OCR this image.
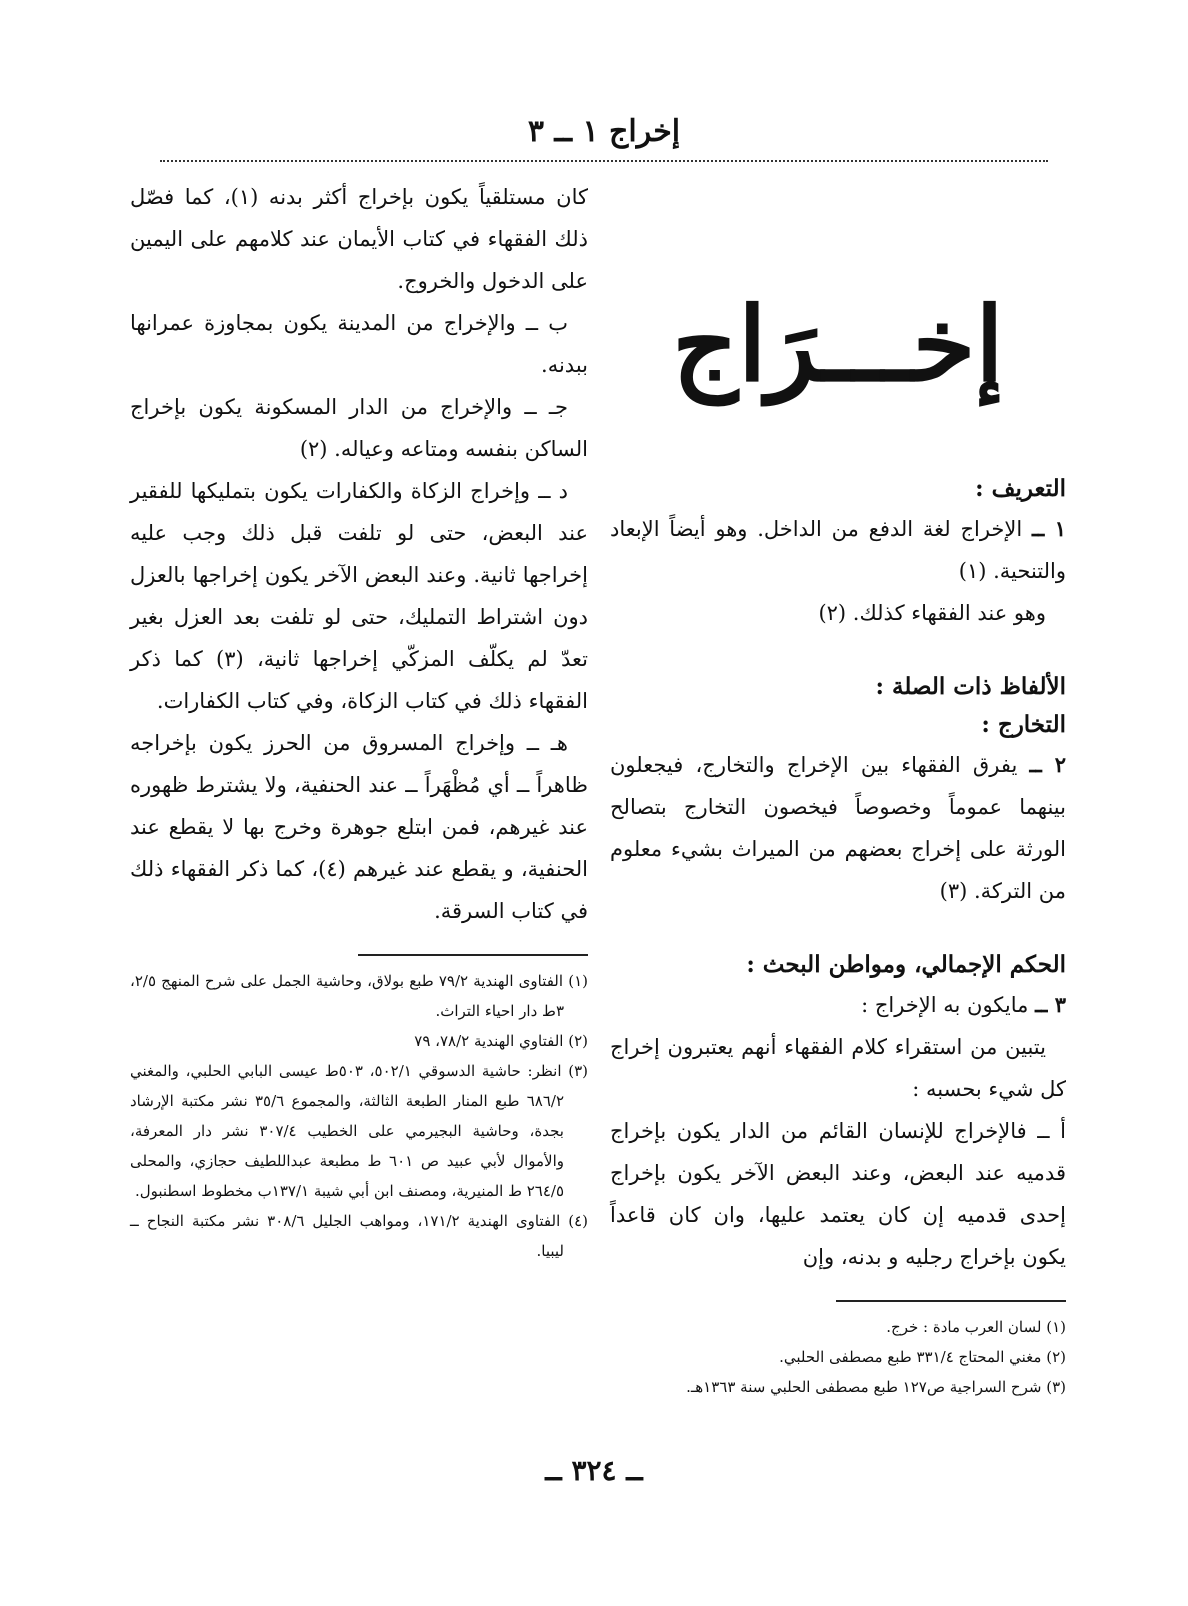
إخراج ١ ــ ٣
إخـــرَاج
التعريف :

١ ــ الإخراج لغة الدفع من الداخل. وهو أيضاً الإبعاد والتنحية. (١)

وهو عند الفقهاء كذلك. (٢)

الألفاظ ذات الصلة :
التخارج :

٢ ــ يفرق الفقهاء بين الإخراج والتخارج، فيجعلون بينهما عموماً وخصوصاً فيخصون التخارج بتصالح الورثة على إخراج بعضهم من الميراث بشيء معلوم من التركة. (٣)

الحكم الإجمالي، ومواطن البحث :

٣ ــ مايكون به الإخراج :

يتبين من استقراء كلام الفقهاء أنهم يعتبرون إخراج كل شيء بحسبه :

أ ــ فالإخراج للإنسان القائم من الدار يكون بإخراج قدميه عند البعض، وعند البعض الآخر يكون بإخراج إحدى قدميه إن كان يعتمد عليها، وان كان قاعداً يكون بإخراج رجليه و بدنه، وإن

(١) لسان العرب مادة : خرج.

(٢) مغني المحتاج ٣٣١/٤ طبع مصطفى الحلبي.

(٣) شرح السراجية ص١٢٧ طبع مصطفى الحلبي سنة ١٣٦٣هـ.

كان مستلقياً يكون بإخراج أكثر بدنه (١)، كما فصّل ذلك الفقهاء في كتاب الأيمان عند كلامهم على اليمين على الدخول والخروج.

ب ــ والإخراج من المدينة يكون بمجاوزة عمرانها ببدنه.

جـ ــ والإخراج من الدار المسكونة يكون بإخراج الساكن بنفسه ومتاعه وعياله. (٢)

د ــ وإخراج الزكاة والكفارات يكون بتمليكها للفقير عند البعض، حتى لو تلفت قبل ذلك وجب عليه إخراجها ثانية. وعند البعض الآخر يكون إخراجها بالعزل دون اشتراط التمليك، حتى لو تلفت بعد العزل بغير تعدّ لم يكلّف المزكّي إخراجها ثانية، (٣) كما ذكر الفقهاء ذلك في كتاب الزكاة، وفي كتاب الكفارات.

هـ ــ وإخراج المسروق من الحرز يكون بإخراجه ظاهراً ــ أي مُظْهَراً ــ عند الحنفية، ولا يشترط ظهوره عند غيرهم، فمن ابتلع جوهرة وخرج بها لا يقطع عند الحنفية، و يقطع عند غيرهم (٤)، كما ذكر الفقهاء ذلك في كتاب السرقة.

(١) الفتاوى الهندية ٧٩/٢ طبع بولاق، وحاشية الجمل على شرح المنهج ٢/٥، ٣ط دار احياء التراث.

(٢) الفتاوي الهندية ٧٨/٢، ٧٩

(٣) انظر: حاشية الدسوقي ٥٠٢/١، ٥٠٣ط عيسى البابي الحلبي، والمغني ٦٨٦/٢ طبع المنار الطبعة الثالثة، والمجموع ٣٥/٦ نشر مكتبة الإرشاد بجدة، وحاشية البجيرمي على الخطيب ٣٠٧/٤ نشر دار المعرفة، والأموال لأبي عبيد ص ٦٠١ ط مطبعة عبداللطيف حجازي، والمحلى ٢٦٤/٥ ط المنيرية، ومصنف ابن أبي شيبة ١٣٧/١ب مخطوط اسطنبول.

(٤) الفتاوى الهندية ١٧١/٢، ومواهب الجليل ٣٠٨/٦ نشر مكتبة النجاح ــ ليبيا.

ــ ٣٢٤ ــ
